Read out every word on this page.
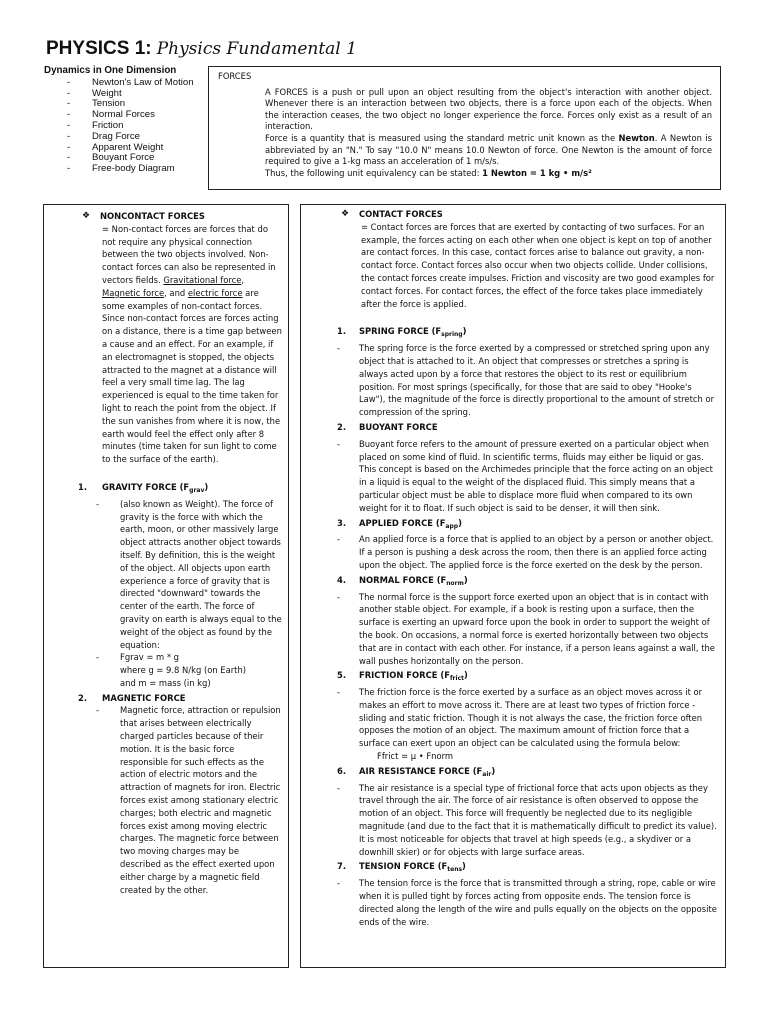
PHYSICS 1: Physics Fundamental 1
Dynamics in One Dimension
-	Newton's Law of Motion
-	Weight
-	Tension
-	Normal Forces
-	Friction
-	Drag Force
-	Apparent Weight
-	Bouyant Force
-	Free-body Diagram
FORCES

A FORCES is a push or pull upon an object resulting from the object's interaction with another object. Whenever there is an interaction between two objects, there is a force upon each of the objects. When the interaction ceases, the two object no longer experience the force. Forces only exist as a result of an interaction.

Force is a quantity that is measured using the standard metric unit known as the Newton. A Newton is abbreviated by an "N." To say "10.0 N" means 10.0 Newton of force. One Newton is the amount of force required to give a 1-kg mass an acceleration of 1 m/s/s.

Thus, the following unit equivalency can be stated: 1 Newton = 1 kg • m/s²

❖	NONCONTACT FORCES
= Non-contact forces are forces that do not require any physical connection between the two objects involved. Non-contact forces can also be represented in vectors fields. Gravitational force, Magnetic force, and electric force are some examples of non-contact forces. Since non-contact forces are forces acting on a distance, there is a time gap between a cause and an effect. For an example, if an electromagnet is stopped, the objects attracted to the magnet at a distance will feel a very small time lag. The lag experienced is equal to the time taken for light to reach the point from the object. If the sun vanishes from where it is now, the earth would feel the effect only after 8 minutes (time taken for sun light to come to the surface of the earth).
1.	GRAVITY FORCE $(F_{grav})$
-	(also known as Weight). The force of gravity is the force with which the earth, moon, or other massively large object attracts another object towards itself. By definition, this is the weight of the object. All objects upon earth experience a force of gravity that is directed "downward" towards the center of the earth. The force of gravity on earth is always equal to the weight of the object as found by the equation:
-	Fgrav = m * g
where g = 9.8 N/kg (on Earth)
and m = mass (in kg)
2.	MAGNETIC FORCE
-	Magnetic force, attraction or repulsion that arises between electrically charged particles because of their motion. It is the basic force responsible for such effects as the action of electric motors and the attraction of magnets for iron. Electric forces exist among stationary electric charges; both electric and magnetic forces exist among moving electric charges. The magnetic force between two moving charges may be described as the effect exerted upon either charge by a magnetic field created by the other.
❖	CONTACT FORCES
= Contact forces are forces that are exerted by contacting of two surfaces. For an example, the forces acting on each other when one object is kept on top of another are contact forces. In this case, contact forces arise to balance out gravity, a non-contact force. Contact forces also occur when two objects collide. Under collisions, the contact forces create impulses. Friction and viscosity are two good examples for contact forces. For contact forces, the effect of the force takes place immediately after the force is applied.
1.	SPRING FORCE $(F_{spring})$
-	The spring force is the force exerted by a compressed or stretched spring upon any object that is attached to it. An object that compresses or stretches a spring is always acted upon by a force that restores the object to its rest or equilibrium position. For most springs (specifically, for those that are said to obey "Hooke's Law"), the magnitude of the force is directly proportional to the amount of stretch or compression of the spring.
2.	BUOYANT FORCE
-	Buoyant force refers to the amount of pressure exerted on a particular object when placed on some kind of fluid. In scientific terms, fluids may either be liquid or gas. This concept is based on the Archimedes principle that the force acting on an object in a liquid is equal to the weight of the displaced fluid. This simply means that a particular object must be able to displace more fluid when compared to its own weight for it to float. If such object is said to be denser, it will then sink.
3.	APPLIED FORCE $(F_{app})$
-	An applied force is a force that is applied to an object by a person or another object. If a person is pushing a desk across the room, then there is an applied force acting upon the object. The applied force is the force exerted on the desk by the person.
4.	NORMAL FORCE $(F_{norm})$
-	The normal force is the support force exerted upon an object that is in contact with another stable object. For example, if a book is resting upon a surface, then the surface is exerting an upward force upon the book in order to support the weight of the book. On occasions, a normal force is exerted horizontally between two objects that are in contact with each other. For instance, if a person leans against a wall, the wall pushes horizontally on the person.
5.	FRICTION FORCE $(F_{frict})$
-	The friction force is the force exerted by a surface as an object moves across it or makes an effort to move across it. There are at least two types of friction force - sliding and static friction. Though it is not always the case, the friction force often opposes the motion of an object. The maximum amount of friction force that a surface can exert upon an object can be calculated using the formula below:
Ffrict = μ • Fnorm
6.	AIR RESISTANCE FORCE $(F_{air})$
-	The air resistance is a special type of frictional force that acts upon objects as they travel through the air. The force of air resistance is often observed to oppose the motion of an object. This force will frequently be neglected due to its negligible magnitude (and due to the fact that it is mathematically difficult to predict its value). It is most noticeable for objects that travel at high speeds (e.g., a skydiver or a downhill skier) or for objects with large surface areas.
7.	TENSION FORCE $(F_{tens})$
-	The tension force is the force that is transmitted through a string, rope, cable or wire when it is pulled tight by forces acting from opposite ends. The tension force is directed along the length of the wire and pulls equally on the objects on the opposite ends of the wire.
